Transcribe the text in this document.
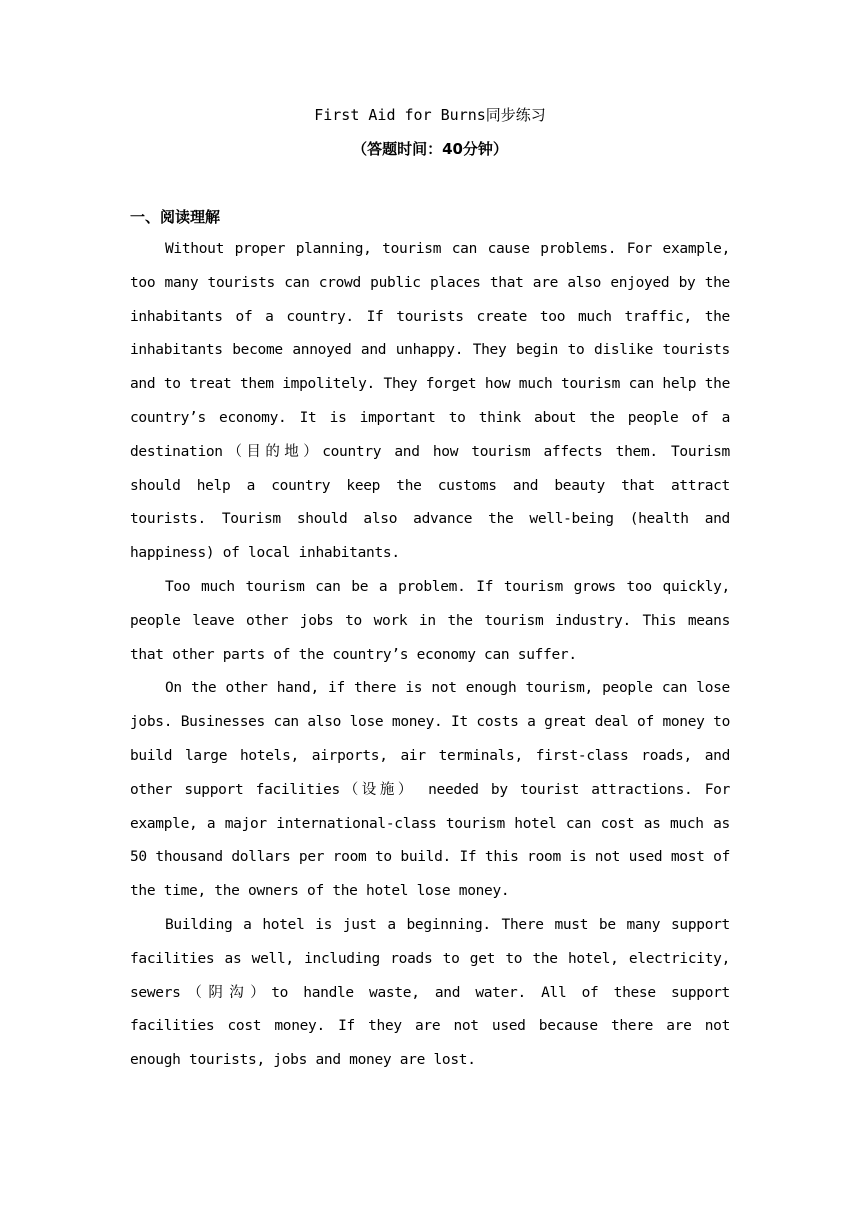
First Aid for Burns同步练习
（答题时间：40分钟）
一、阅读理解

Without proper planning, tourism can cause problems. For example, too many tourists can crowd public places that are also enjoyed by the inhabitants of a country. If tourists create too much traffic, the inhabitants become annoyed and unhappy. They begin to dislike tourists and to treat them impolitely. They forget how much tourism can help the country’s economy. It is important to think about the people of a destination（目的地）country and how tourism affects them. Tourism should help a country keep the customs and beauty that attract tourists. Tourism should also advance the well-being (health and happiness) of local inhabitants.

Too much tourism can be a problem. If tourism grows too quickly, people leave other jobs to work in the tourism industry. This means that other parts of the country’s economy can suffer.

On the other hand, if there is not enough tourism, people can lose jobs. Businesses can also lose money. It costs a great deal of money to build large hotels, airports, air terminals, first-class roads, and other support facilities（设施） needed by tourist attractions. For example, a major international-class tourism hotel can cost as much as 50 thousand dollars per room to build. If this room is not used most of the time, the owners of the hotel lose money.

Building a hotel is just a beginning. There must be many support facilities as well, including roads to get to the hotel, electricity, sewers（阴沟）to handle waste, and water. All of these support facilities cost money. If they are not used because there are not enough tourists, jobs and money are lost.
